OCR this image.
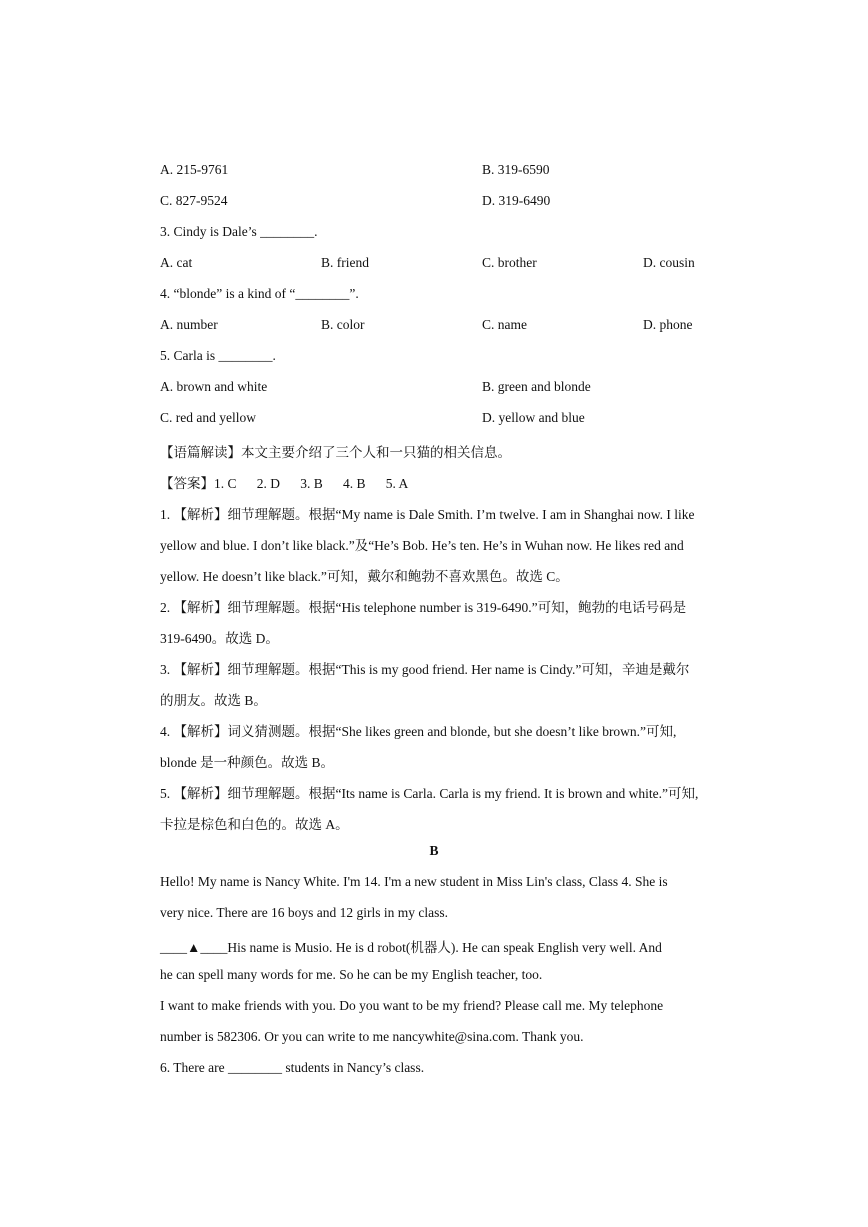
A. 215-9761	B. 319-6590
C. 827-9524	D. 319-6490
3. Cindy is Dale’s ________.
A. cat	B. friend	C. brother	D. cousin
4. “blonde” is a kind of “________”.
A. number	B. color	C. name	D. phone
5. Carla is ________.
A. brown and white	B. green and blonde
C. red and yellow	D. yellow and blue
【语篇解读】本文主要介绍了三个人和一只猫的相关信息。
【答案】1. C      2. D      3. B      4. B      5. A
1. 【解析】细节理解题。根据“My name is Dale Smith. I’m twelve. I am in Shanghai now. I like
yellow and blue. I don’t like black.”及“He’s Bob. He’s ten. He’s in Wuhan now. He likes red and
yellow. He doesn’t like black.”可知，戴尔和鲍勃不喜欢黑色。故选 C。
2. 【解析】细节理解题。根据“His telephone number is 319-6490.”可知，鲍勃的电话号码是
319-6490。故选 D。
3. 【解析】细节理解题。根据“This is my good friend. Her name is Cindy.”可知，辛迪是戴尔
的朋友。故选 B。
4. 【解析】词义猜测题。根据“She likes green and blonde, but she doesn’t like brown.”可知,
blonde 是一种颜色。故选 B。
5. 【解析】细节理解题。根据“Its name is Carla. Carla is my friend. It is brown and white.”可知,
卡拉是棕色和白色的。故选 A。
B
Hello! My name is Nancy White. I'm 14. I'm a new student in Miss Lin's class, Class 4. She is
very nice. There are 16 boys and 12 girls in my class.
____▲____His name is Musio. He is d robot(机器人). He can speak English very well. And
he can spell many words for me. So he can be my English teacher, too.
I want to make friends with you. Do you want to be my friend? Please call me. My telephone
number is 582306. Or you can write to me nancywhite@sina.com. Thank you.
6. There are ________ students in Nancy’s class.
